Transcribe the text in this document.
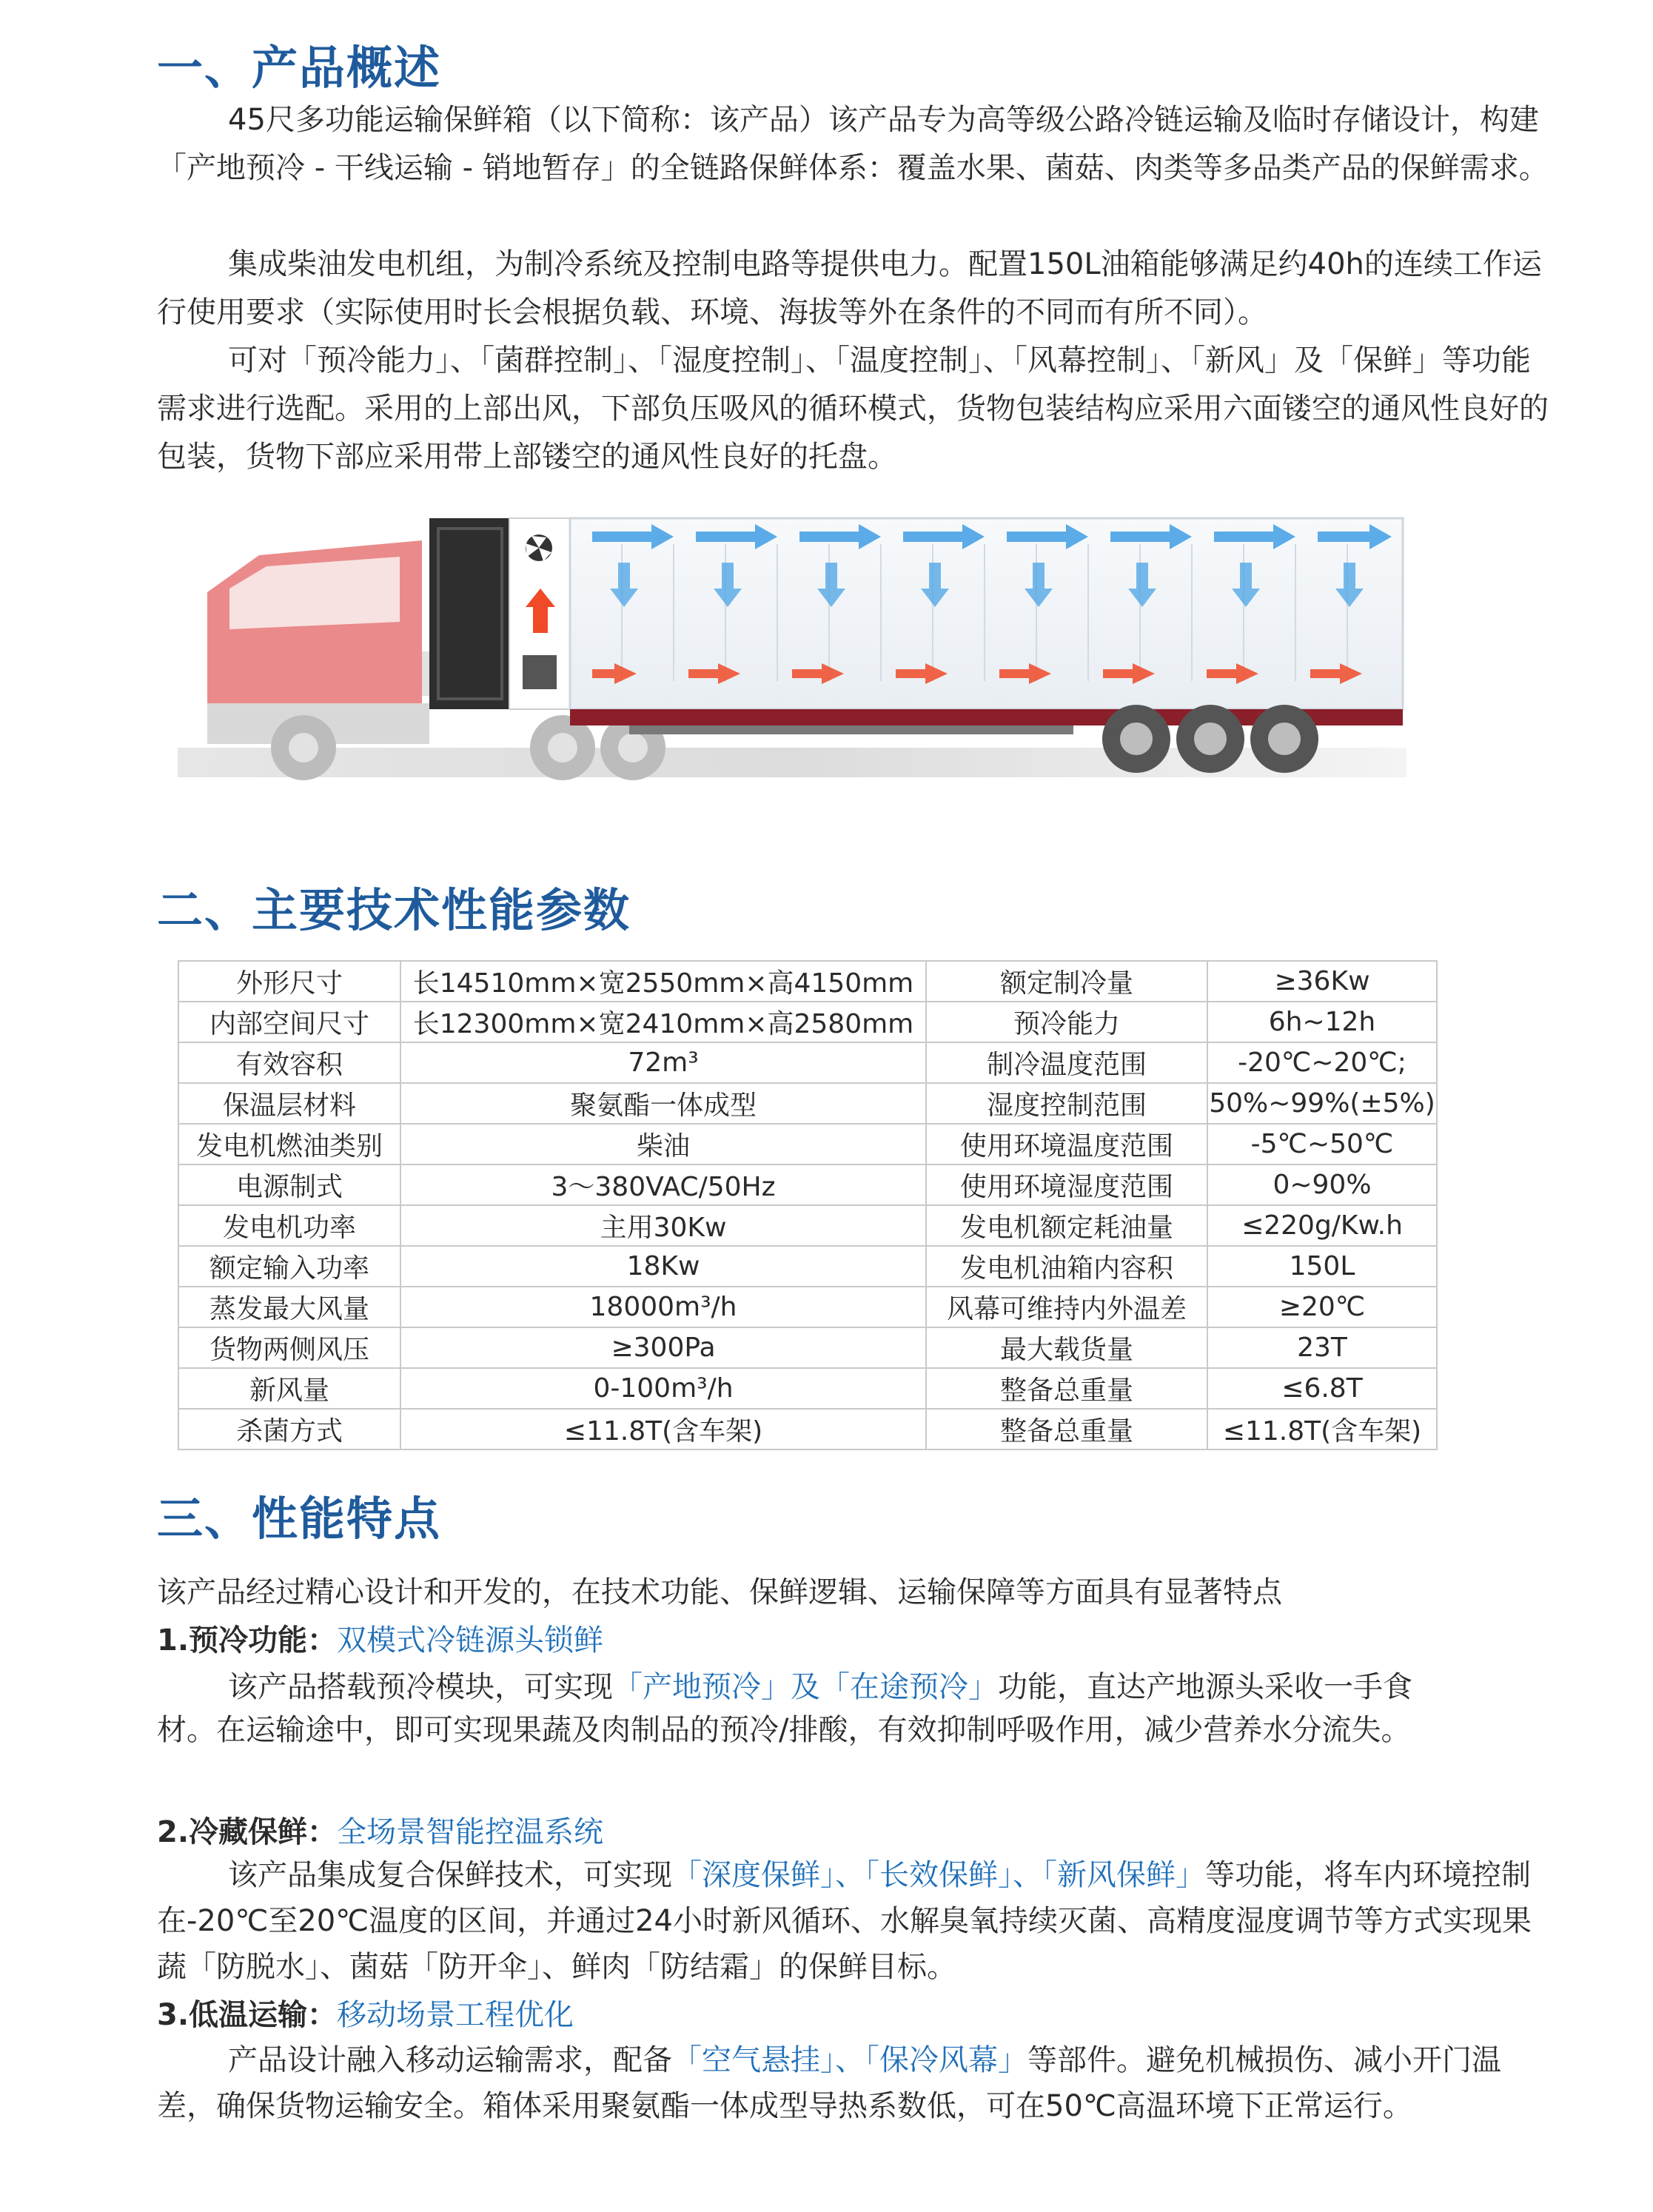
一、产品概述

45尺多功能运输保鲜箱（以下简称：该产品）该产品专为高等级公路冷链运输及临时存储设计，构建「产地预冷 - 干线运输 - 销地暂存」的全链路保鲜体系：覆盖水果、菌菇、肉类等多品类产品的保鲜需求。

集成柴油发电机组，为制冷系统及控制电路等提供电力。配置150L油箱能够满足约40h的连续工作运行使用要求（实际使用时长会根据负载、环境、海拔等外在条件的不同而有所不同）。

可对「预冷能力」、「菌群控制」、「湿度控制」、「温度控制」、「风幕控制」、「新风」及「保鲜」等功能需求进行选配。采用的上部出风，下部负压吸风的循环模式，货物包装结构应采用六面镂空的通风性良好的包装，货物下部应采用带上部镂空的通风性良好的托盘。

二、主要技术性能参数
外形尺寸	长14510mm×宽2550mm×高4150mm	额定制冷量	≥36Kw
内部空间尺寸	长12300mm×宽2410mm×高2580mm	预冷能力	6h~12h
有效容积	72m³	制冷温度范围	-20℃~20℃;
保温层材料	聚氨酯一体成型	湿度控制范围	50%~99%(±5%)
发电机燃油类别	柴油	使用环境温度范围	-5℃~50℃
电源制式	3～380VAC/50Hz	使用环境湿度范围	0~90%
发电机功率	主用30Kw	发电机额定耗油量	≤220g/Kw.h
额定输入功率	18Kw	发电机油箱内容积	150L
蒸发最大风量	18000m³/h	风幕可维持内外温差	≥20℃
货物两侧风压	≥300Pa	最大载货量	23T
新风量	0-100m³/h	整备总重量	≤6.8T
杀菌方式	≤11.8T(含车架)	整备总重量	≤11.8T(含车架)
三、性能特点

该产品经过精心设计和开发的，在技术功能、保鲜逻辑、运输保障等方面具有显著特点

1.预冷功能：双模式冷链源头锁鲜

该产品搭载预冷模块，可实现「产地预冷」及「在途预冷」功能，直达产地源头采收一手食材。在运输途中，即可实现果蔬及肉制品的预冷/排酸，有效抑制呼吸作用，减少营养水分流失。

2.冷藏保鲜：全场景智能控温系统

该产品集成复合保鲜技术，可实现「深度保鲜」、「长效保鲜」、「新风保鲜」等功能，将车内环境控制在-20℃至20℃温度的区间，并通过24小时新风循环、水解臭氧持续灭菌、高精度湿度调节等方式实现果蔬「防脱水」、菌菇「防开伞」、鲜肉「防结霜」的保鲜目标。

3.低温运输：移动场景工程优化

产品设计融入移动运输需求，配备「空气悬挂」、「保冷风幕」等部件。避免机械损伤、减小开门温差，确保货物运输安全。箱体采用聚氨酯一体成型导热系数低，可在50℃高温环境下正常运行。
